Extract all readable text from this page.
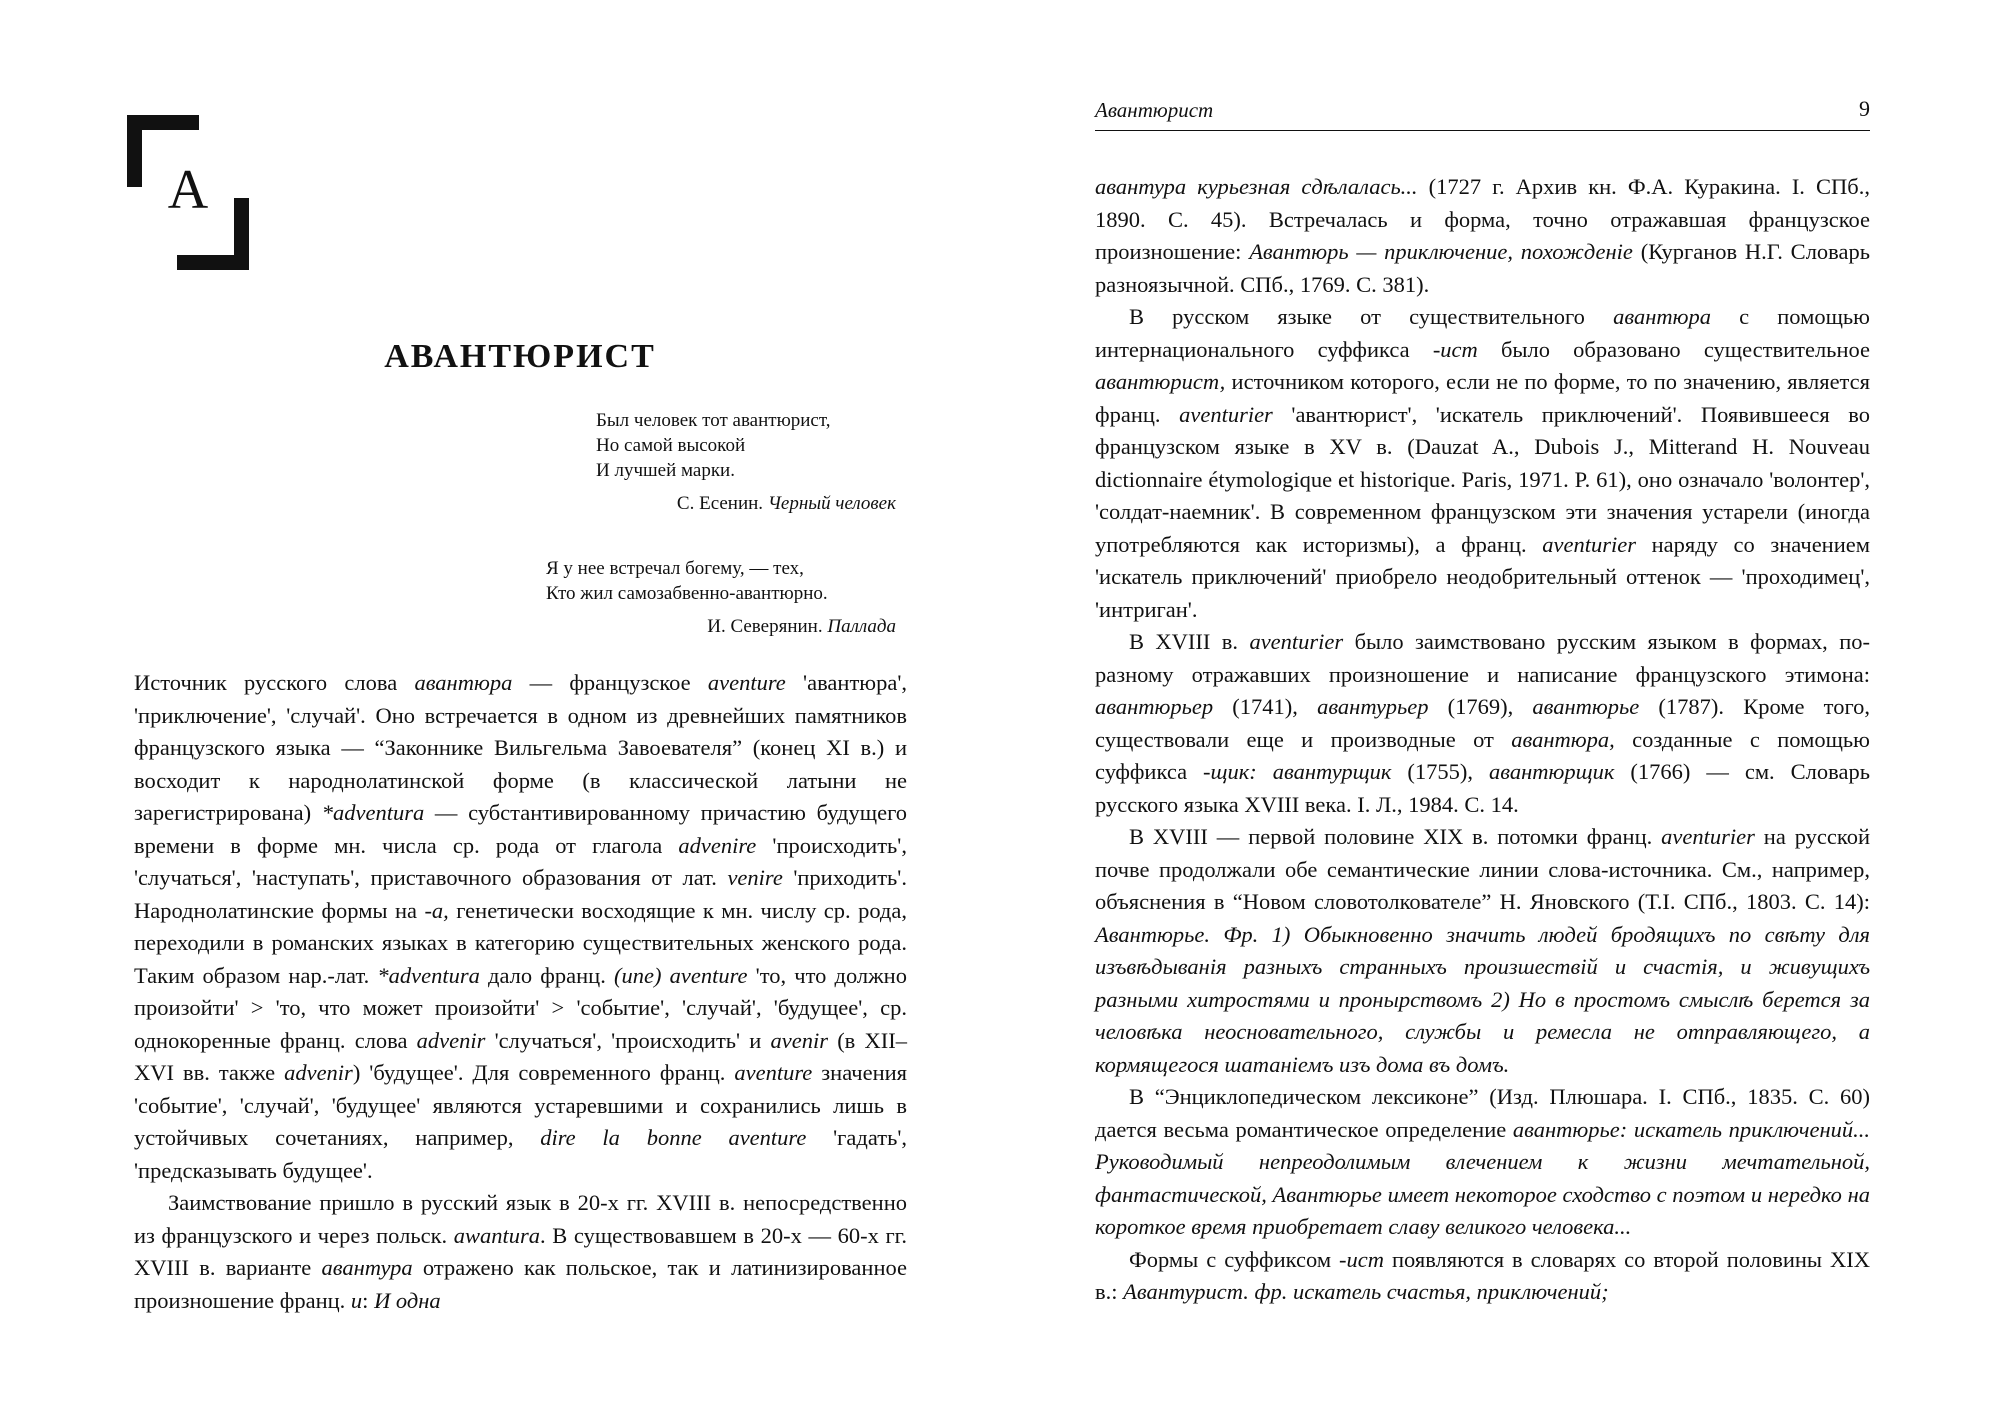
А
АВАНТЮРИСТ
Был человек тот авантюрист,
Но самой высокой
И лучшей марки.
С. Есенин. Черный человек
Я у нее встречал богему, — тех,
Кто жил самозабвенно-авантюрно.
И. Северянин. Паллада

Источник русского слова авантюра — французское aventure 'авантюра', 'приключение', 'случай'. Оно встречается в одном из древнейших памятников французского языка — “Законнике Вильгельма Завоевателя” (конец XI в.) и восходит к народнолатинской форме (в классической латыни не зарегистрирована) *adventura — субстантивированному причастию будущего времени в форме мн. числа ср. рода от глагола advenire 'происходить', 'случаться', 'наступать', приставочного образования от лат. venire 'приходить'. Народнолатинские формы на -a, генетически восходящие к мн. числу ср. рода, переходили в романских языках в категорию существительных женского рода. Таким образом нар.-лат. *adventura дало франц. (une) aventure 'то, что должно произойти' > 'то, что может произойти' > 'событие', 'случай', 'будущее', ср. однокоренные франц. слова advenir 'случаться', 'происходить' и avenir (в XII–XVI вв. также advenir) 'будущее'. Для современного франц. aventure значения 'событие', 'случай', 'будущее' являются устаревшими и сохранились лишь в устойчивых сочетаниях, например, dire la bonne aventure 'гадать', 'предсказывать будущее'.

Заимствование пришло в русский язык в 20-х гг. XVIII в. непосредственно из французского и через польск. awantura. В существовавшем в 20-х — 60-х гг. XVIII в. варианте авантура отражено как польское, так и латинизированное произношение франц. u: И одна

Авантюрист	9

авантура курьезная сдѣлалась... (1727 г. Архив кн. Ф.А. Куракина. I. СПб., 1890. С. 45). Встречалась и форма, точно отражавшая французское произношение: Авантюрь — приключение, похожденіе (Курганов Н.Г. Словарь разноязычной. СПб., 1769. С. 381).

В русском языке от существительного авантюра с помощью интернационального суффикса -ист было образовано существительное авантюрист, источником которого, если не по форме, то по значению, является франц. aventurier 'авантюрист', 'искатель приключений'. Появившееся во французском языке в XV в. (Dauzat A., Dubois J., Mitterand H. Nouveau dictionnaire étymologique et historique. Paris, 1971. P. 61), оно означало 'волонтер', 'солдат-наемник'. В современном французском эти значения устарели (иногда употребляются как историзмы), а франц. aventurier наряду со значением 'искатель приключений' приобрело неодобрительный оттенок — 'проходимец', 'интриган'.

В XVIII в. aventurier было заимствовано русским языком в формах, по-разному отражавших произношение и написание французского этимона: авантюрьер (1741), авантурьер (1769), авантюрье (1787). Кроме того, существовали еще и производные от авантюра, созданные с помощью суффикса -щик: авантурщик (1755), авантюрщик (1766) — см. Словарь русского языка XVIII века. I. Л., 1984. С. 14.

В XVIII — первой половине XIX в. потомки франц. aventurier на русской почве продолжали обе семантические линии слова-источника. См., например, объяснения в “Новом словотолкователе” Н. Яновского (Т.I. СПб., 1803. С. 14): Авантюрье. Фр. 1) Обыкновенно значить людей бродящихъ по свѣту для изъвѣдыванія разныхъ странныхъ произшествій и счастія, и живущихъ разными хитростями и пронырствомъ 2) Но в простомъ смыслѣ берется за человѣка неосновательного, службы и ремесла не отправляющего, а кормящегося шатаніемъ изъ дома въ домъ.

В “Энциклопедическом лексиконе” (Изд. Плюшара. I. СПб., 1835. С. 60) дается весьма романтическое определение авантюрье: искатель приключений... Руководимый непреодолимым влечением к жизни мечтательной, фантастической, Авантюрье имеет некоторое сходство с поэтом и нередко на короткое время приобретает славу великого человека...

Формы с суффиксом -ист появляются в словарях со второй половины XIX в.: Авантурист. фр. искатель счастья, приключений;
